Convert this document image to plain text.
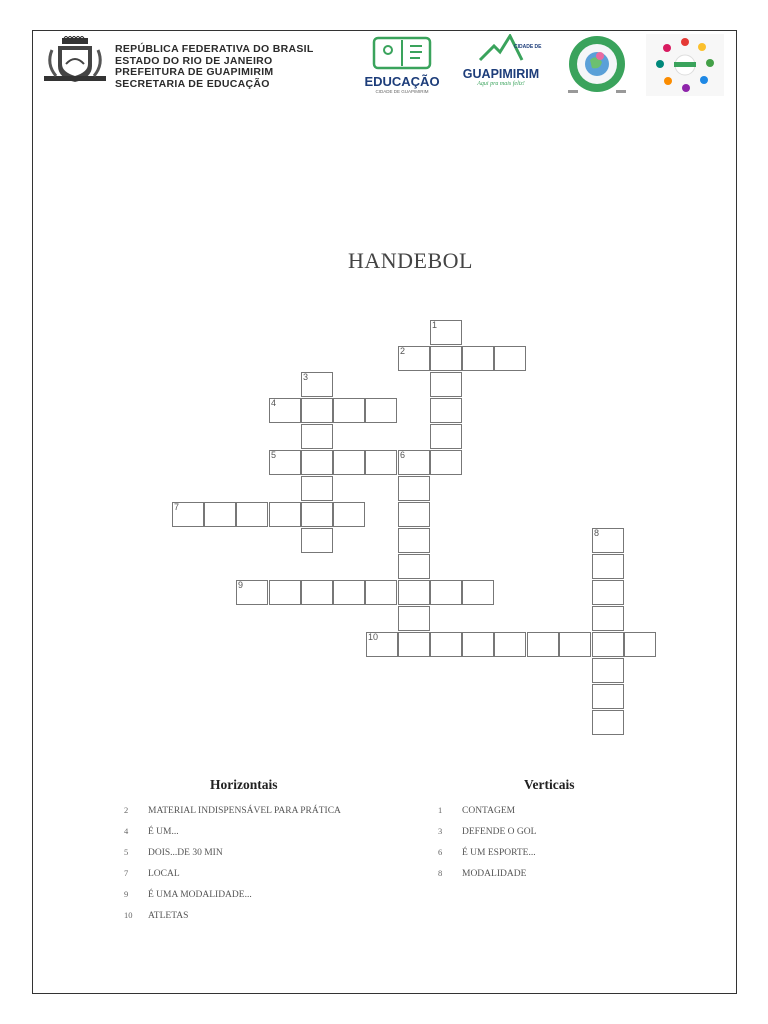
REPÚBLICA FEDERATIVA DO BRASIL
ESTADO DO RIO DE JANEIRO
PREFEITURA DE GUAPIMIRIM
SECRETARIA DE EDUCAÇÃO	EDUCAÇÃO
CIDADE DE GUAPIMIRIM
CIDADE DE
GUAPIMIRIM
Aqui pra mais feliz!
HANDEBOL
1
2
3
4
5	6
7
8
9
10
Horizontais	Verticais
2 MATERIAL INDISPENSÁVEL PARA PRÁTICA
4 É UM...
5 DOIS...DE 30 MIN
7 LOCAL
9 É UMA MODALIDADE...
10 ATLETAS
1 CONTAGEM
3 DEFENDE O GOL
6 É UM ESPORTE...
8 MODALIDADE
